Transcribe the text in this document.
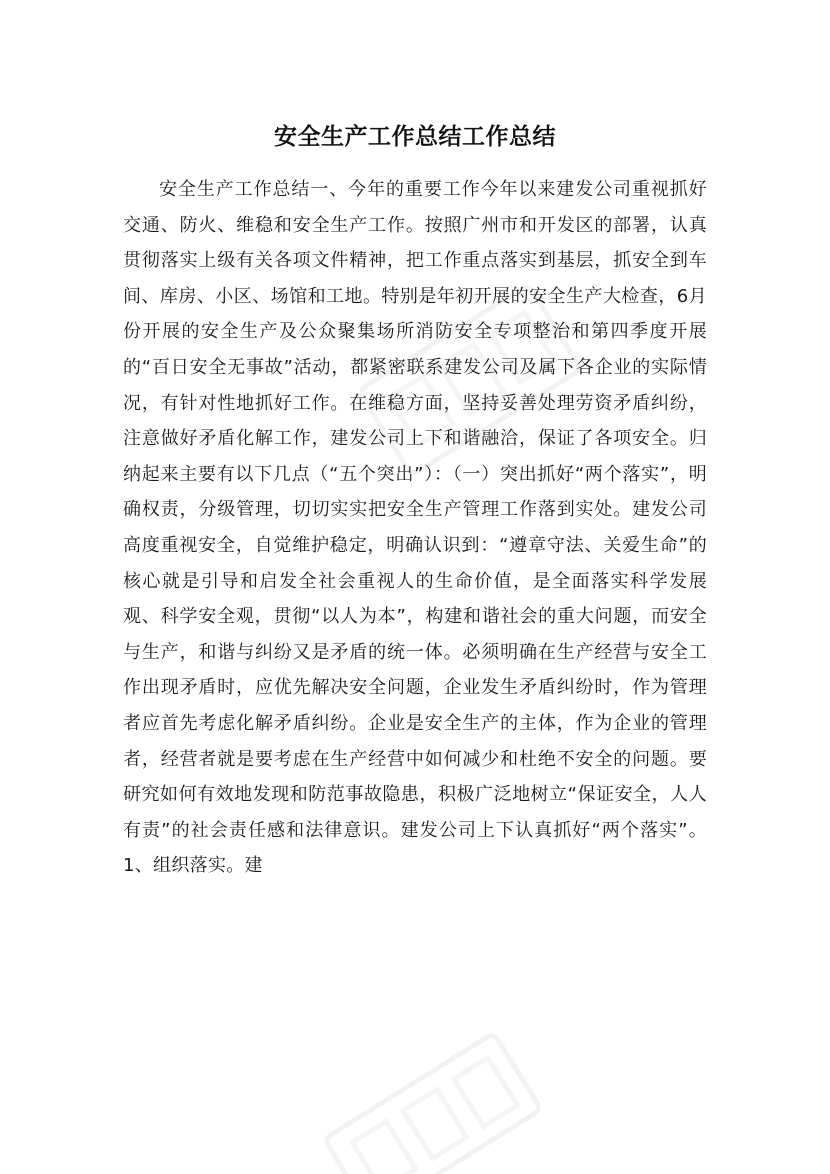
安全生产工作总结工作总结

安全生产工作总结一、今年的重要工作今年以来建发公司重视抓好交通、防火、维稳和安全生产工作。按照广州市和开发区的部署，认真贯彻落实上级有关各项文件精神，把工作重点落实到基层，抓安全到车间、库房、小区、场馆和工地。特别是年初开展的安全生产大检查，6月份开展的安全生产及公众聚集场所消防安全专项整治和第四季度开展的“百日安全无事故”活动，都紧密联系建发公司及属下各企业的实际情况，有针对性地抓好工作。在维稳方面，坚持妥善处理劳资矛盾纠纷，注意做好矛盾化解工作，建发公司上下和谐融洽，保证了各项安全。归纳起来主要有以下几点（“五个突出”）：（一）突出抓好“两个落实”，明确权责，分级管理，切切实实把安全生产管理工作落到实处。建发公司高度重视安全，自觉维护稳定，明确认识到：“遵章守法、关爱生命”的核心就是引导和启发全社会重视人的生命价值，是全面落实科学发展观、科学安全观，贯彻“以人为本”，构建和谐社会的重大问题，而安全与生产，和谐与纠纷又是矛盾的统一体。必须明确在生产经营与安全工作出现矛盾时，应优先解决安全问题，企业发生矛盾纠纷时，作为管理者应首先考虑化解矛盾纠纷。企业是安全生产的主体，作为企业的管理者，经营者就是要考虑在生产经营中如何减少和杜绝不安全的问题。要研究如何有效地发现和防范事故隐患，积极广泛地树立“保证安全，人人有责”的社会责任感和法律意识。建发公司上下认真抓好“两个落实”。1、组织落实。建
